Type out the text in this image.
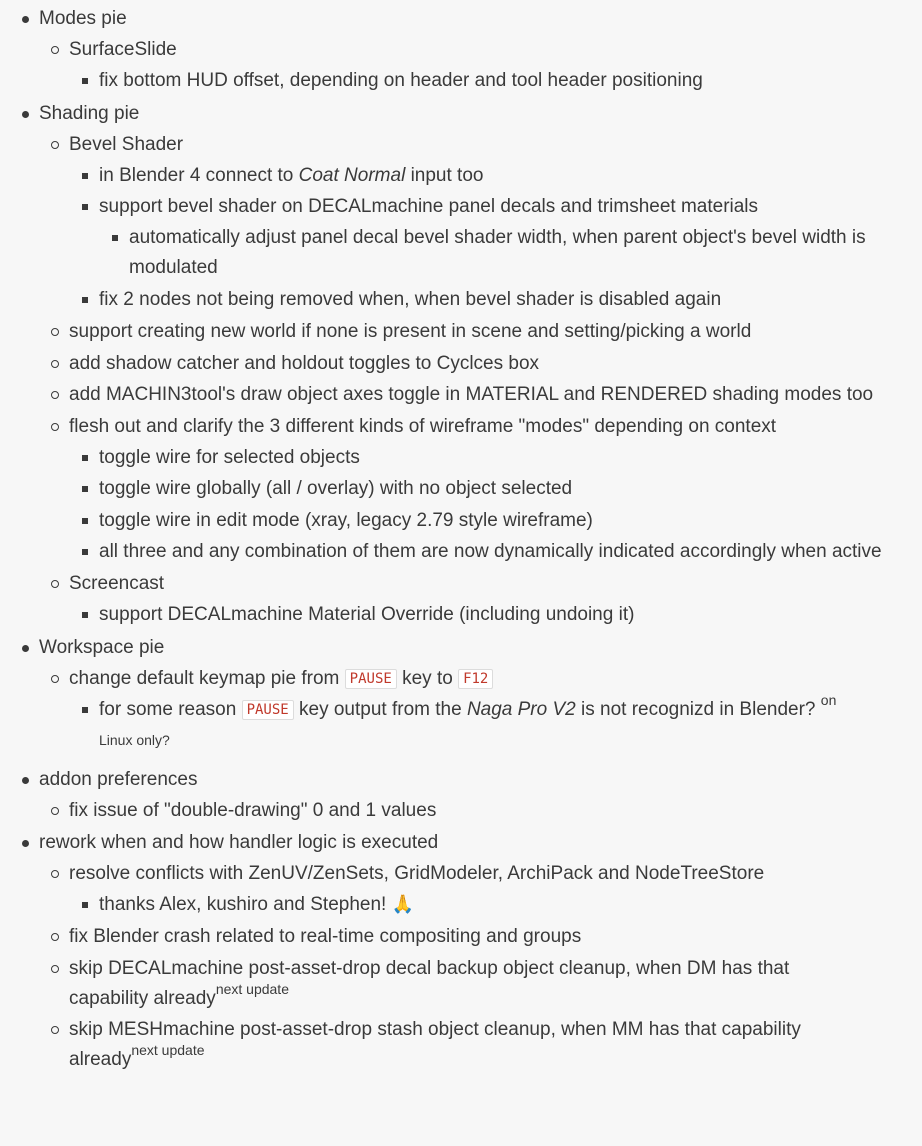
Modes pie
SurfaceSlide
fix bottom HUD offset, depending on header and tool header positioning
Shading pie
Bevel Shader
in Blender 4 connect to Coat Normal input too
support bevel shader on DECALmachine panel decals and trimsheet materials
automatically adjust panel decal bevel shader width, when parent object's bevel width is modulated
fix 2 nodes not being removed when, when bevel shader is disabled again
support creating new world if none is present in scene and setting/picking a world
add shadow catcher and holdout toggles to Cyclces box
add MACHIN3tool's draw object axes toggle in MATERIAL and RENDERED shading modes too
flesh out and clarify the 3 different kinds of wireframe "modes" depending on context
toggle wire for selected objects
toggle wire globally (all / overlay) with no object selected
toggle wire in edit mode (xray, legacy 2.79 style wireframe)
all three and any combination of them are now dynamically indicated accordingly when active
Screencast
support DECALmachine Material Override (including undoing it)
Workspace pie
change default keymap pie from PAUSE key to F12
for some reason PAUSE key output from the Naga Pro V2 is not recognizd in Blender? $^{on}$
Linux only?
addon preferences
fix issue of "double-drawing" 0 and 1 values
rework when and how handler logic is executed
resolve conflicts with ZenUV/ZenSets, GridModeler, ArchiPack and NodeTreeStore
thanks Alex, kushiro and Stephen! 🙏
fix Blender crash related to real-time compositing and groups
skip DECALmachine post-asset-drop decal backup object cleanup, when DM has that capability already$^{next update}$
skip MESHmachine post-asset-drop stash object cleanup, when MM has that capability already$^{next update}$
